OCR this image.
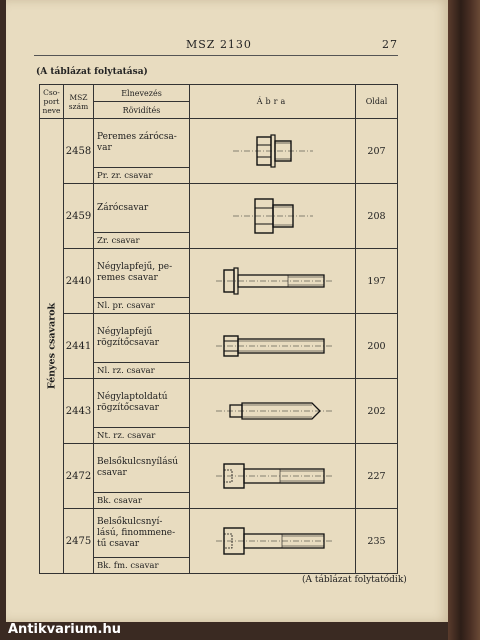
MSZ 2130	27
(A táblázat folytatása)
Cso-
port
neve	MSZ
szám	Elnevezés	Ábra	Oldal
		Rövidítés		

Fényes csavarok	2458	Peremes zárócsa-
var		207
		Pr. zr. csavar		
	2459	Zárócsavar		208
		Zr. csavar		
	2440	Négylapfejű, pe-
remes csavar		197
		Nl. pr. csavar		
	2441	Négylapfejű
rögzítőcsavar		200
		Nl. rz. csavar		
	2443	Négylaptoldatú
rögzítőcsavar		202
		Nt. rz. csavar		
	2472	Belsőkulcsnyílású
csavar		227
		Bk. csavar		
	2475	Belsőkulcsnyí-
lású, finommene-
tű csavar		235
		Bk. fm. csavar		
(A táblázat folytatódik)
Antikvarium.hu
